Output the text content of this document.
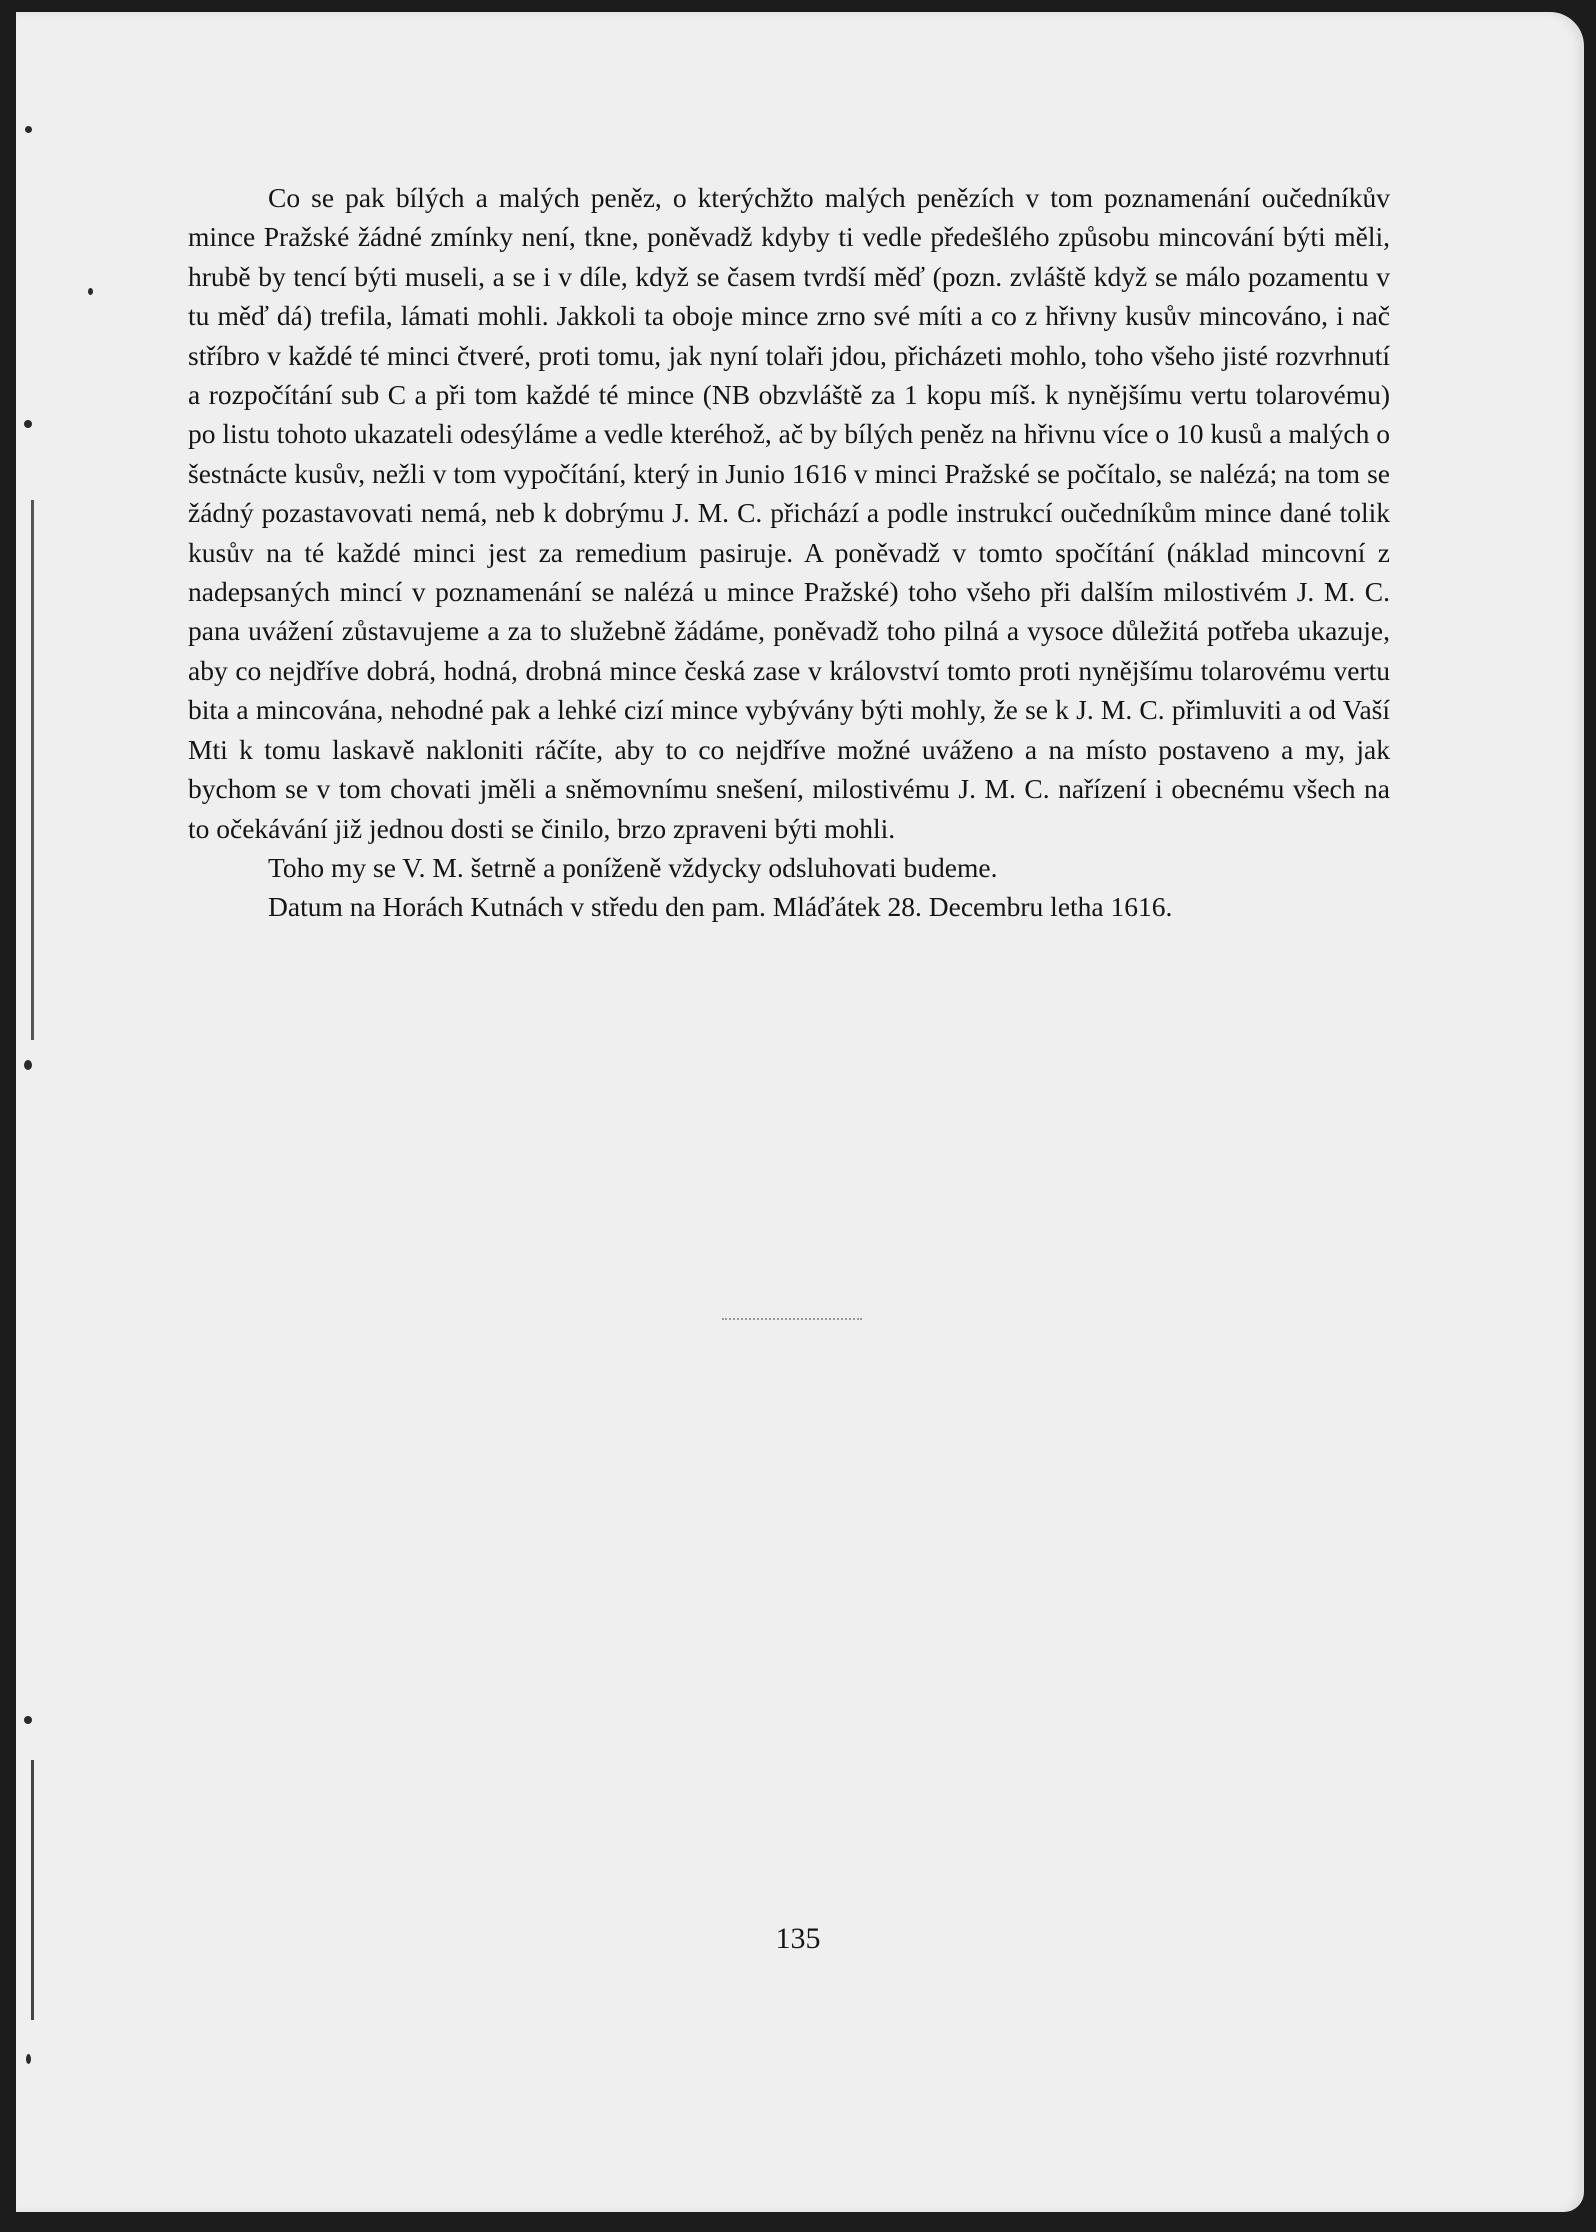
Co se pak bílých a malých peněz, o kterýchžto malých penězích v tom poznamenání oučedníkův mince Pražské žádné zmínky není, tkne, poněvadž kdyby ti vedle předešlého způsobu mincování býti měli, hrubě by tencí býti museli, a se i v díle, když se časem tvrdší měď (pozn. zvláště když se málo pozamentu v tu měď dá) trefila, lámati mohli. Jakkoli ta oboje mince zrno své míti a co z hřivny kusův mincováno, i nač stříbro v každé té minci čtveré, proti tomu, jak nyní tolaři jdou, přicházeti mohlo, toho všeho jisté rozvrhnutí a rozpočítání sub C a při tom každé té mince (NB obzvláště za 1 kopu míš. k nynějšímu vertu tolarovému) po listu tohoto ukazateli odesýláme a vedle kteréhož, ač by bílých peněz na hřivnu více o 10 kusů a malých o šestnácte kusův, nežli v tom vypočítání, který in Junio 1616 v minci Pražské se počítalo, se nalézá; na tom se žádný pozastavovati nemá, neb k dobrýmu J. M. C. přichází a podle instrukcí oučedníkům mince dané tolik kusův na té každé minci jest za remedium pasiruje. A poněvadž v tomto spočítání (náklad mincovní z nadepsaných mincí v poznamenání se nalézá u mince Pražské) toho všeho při dalším milostivém J. M. C. pana uvážení zůstavujeme a za to služebně žádáme, poněvadž toho pilná a vysoce důležitá potřeba ukazuje, aby co nejdříve dobrá, hodná, drobná mince česká zase v království tomto proti nynějšímu tolarovému vertu bita a mincována, nehodné pak a lehké cizí mince vybývány býti mohly, že se k J. M. C. přimluviti a od Vaší Mti k tomu laskavě nakloniti ráčíte, aby to co nejdříve možné uváženo a na místo postaveno a my, jak bychom se v tom chovati jměli a sněmovnímu snešení, milostivému J. M. C. nařízení i obecnému všech na to očekávání již jednou dosti se činilo, brzo zpraveni býti mohli.

Toho my se V. M. šetrně a poníženě vždycky odsluhovati budeme.

Datum na Horách Kutnách v středu den pam. Mláďátek 28. Decembru letha 1616.

135
